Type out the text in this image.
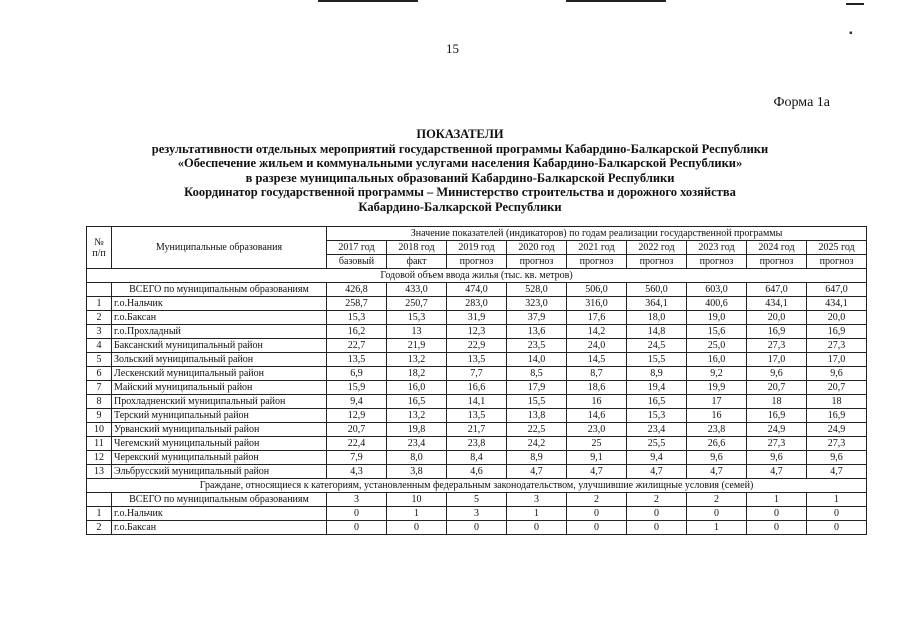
▪
15
Форма 1а
ПОКАЗАТЕЛИ
результативности отдельных мероприятий государственной программы Кабардино-Балкарской Республики
«Обеспечение жильем и коммунальными услугами населения Кабардино-Балкарской Республики»
в разрезе муниципальных образований Кабардино-Балкарской Республики
Координатор государственной программы – Министерство строительства и дорожного хозяйства
Кабардино-Балкарской Республики
№ п/п	Муниципальные образования	Значение показателей (индикаторов) по годам реализации государственной программы								
		2017 год	2018 год	2019 год	2020 год	2021 год	2022 год	2023 год	2024 год	2025 год
		базовый	факт	прогноз	прогноз	прогноз	прогноз	прогноз	прогноз	прогноз
Годовой объем ввода жилья (тыс. кв. метров)										
	ВСЕГО по муниципальным образованиям	426,8	433,0	474,0	528,0	506,0	560,0	603,0	647,0	647,0
1	г.о.Нальчик	258,7	250,7	283,0	323,0	316,0	364,1	400,6	434,1	434,1
2	г.о.Баксан	15,3	15,3	31,9	37,9	17,6	18,0	19,0	20,0	20,0
3	г.о.Прохладный	16,2	13	12,3	13,6	14,2	14,8	15,6	16,9	16,9
4	Баксанский муниципальный район	22,7	21,9	22,9	23,5	24,0	24,5	25,0	27,3	27,3
5	Зольский муниципальный район	13,5	13,2	13,5	14,0	14,5	15,5	16,0	17,0	17,0
6	Лескенский муниципальный район	6,9	18,2	7,7	8,5	8,7	8,9	9,2	9,6	9,6
7	Майский муниципальный район	15,9	16,0	16,6	17,9	18,6	19,4	19,9	20,7	20,7
8	Прохладненский муниципальный район	9,4	16,5	14,1	15,5	16	16,5	17	18	18
9	Терский муниципальный район	12,9	13,2	13,5	13,8	14,6	15,3	16	16,9	16,9
10	Урванский муниципальный район	20,7	19,8	21,7	22,5	23,0	23,4	23,8	24,9	24,9
11	Чегемский муниципальный район	22,4	23,4	23,8	24,2	25	25,5	26,6	27,3	27,3
12	Черекский муниципальный район	7,9	8,0	8,4	8,9	9,1	9,4	9,6	9,6	9,6
13	Эльбрусский муниципальный район	4,3	3,8	4,6	4,7	4,7	4,7	4,7	4,7	4,7
Граждане, относящиеся к категориям, установленным федеральным законодательством, улучшившие жилищные условия (семей)										
	ВСЕГО по муниципальным образованиям	3	10	5	3	2	2	2	1	1
1	г.о.Нальчик	0	1	3	1	0	0	0	0	0
2	г.о.Баксан	0	0	0	0	0	0	1	0	0
